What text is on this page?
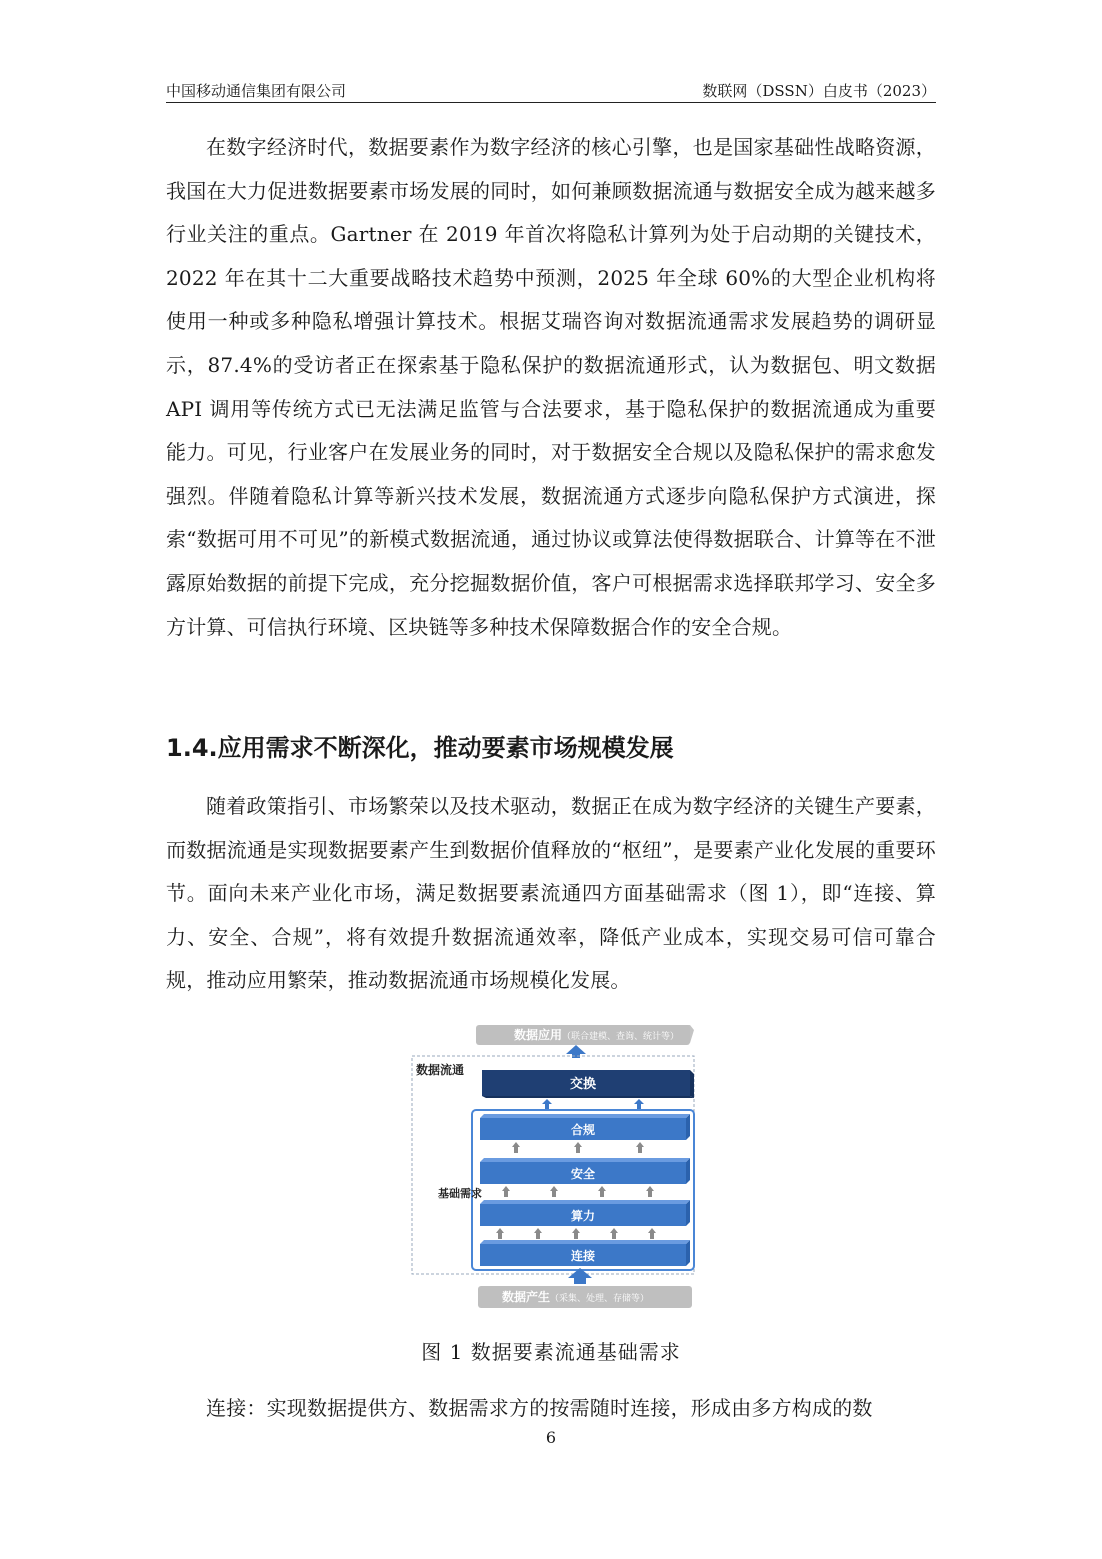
中国移动通信集团有限公司	数联网（DSSN）白皮书（2023）

在数字经济时代，数据要素作为数字经济的核心引擎，也是国家基础性战略资源，我国在大力促进数据要素市场发展的同时，如何兼顾数据流通与数据安全成为越来越多行业关注的重点。Gartner 在 2019 年首次将隐私计算列为处于启动期的关键技术，2022 年在其十二大重要战略技术趋势中预测，2025 年全球 60%的大型企业机构将使用一种或多种隐私增强计算技术。根据艾瑞咨询对数据流通需求发展趋势的调研显示，87.4%的受访者正在探索基于隐私保护的数据流通形式，认为数据包、明文数据 API 调用等传统方式已无法满足监管与合法要求，基于隐私保护的数据流通成为重要能力。可见，行业客户在发展业务的同时，对于数据安全合规以及隐私保护的需求愈发强烈。伴随着隐私计算等新兴技术发展，数据流通方式逐步向隐私保护方式演进，探索“数据可用不可见”的新模式数据流通，通过协议或算法使得数据联合、计算等在不泄露原始数据的前提下完成，充分挖掘数据价值，客户可根据需求选择联邦学习、安全多方计算、可信执行环境、区块链等多种技术保障数据合作的安全合规。

1.4.应用需求不断深化，推动要素市场规模发展

随着政策指引、市场繁荣以及技术驱动，数据正在成为数字经济的关键生产要素，而数据流通是实现数据要素产生到数据价值释放的“枢纽”，是要素产业化发展的重要环节。面向未来产业化市场，满足数据要素流通四方面基础需求（图 1），即“连接、算力、安全、合规”，将有效提升数据流通效率，降低产业成本，实现交易可信可靠合规，推动应用繁荣，推动数据流通市场规模化发展。

数据应用 （联合建模、查询、统计等）
数据流通
交换
基础需求
合规
安全
算力
连接
数据产生 （采集、处理、存储等）
图 1 数据要素流通基础需求

连接：实现数据提供方、数据需求方的按需随时连接，形成由多方构成的数

6
